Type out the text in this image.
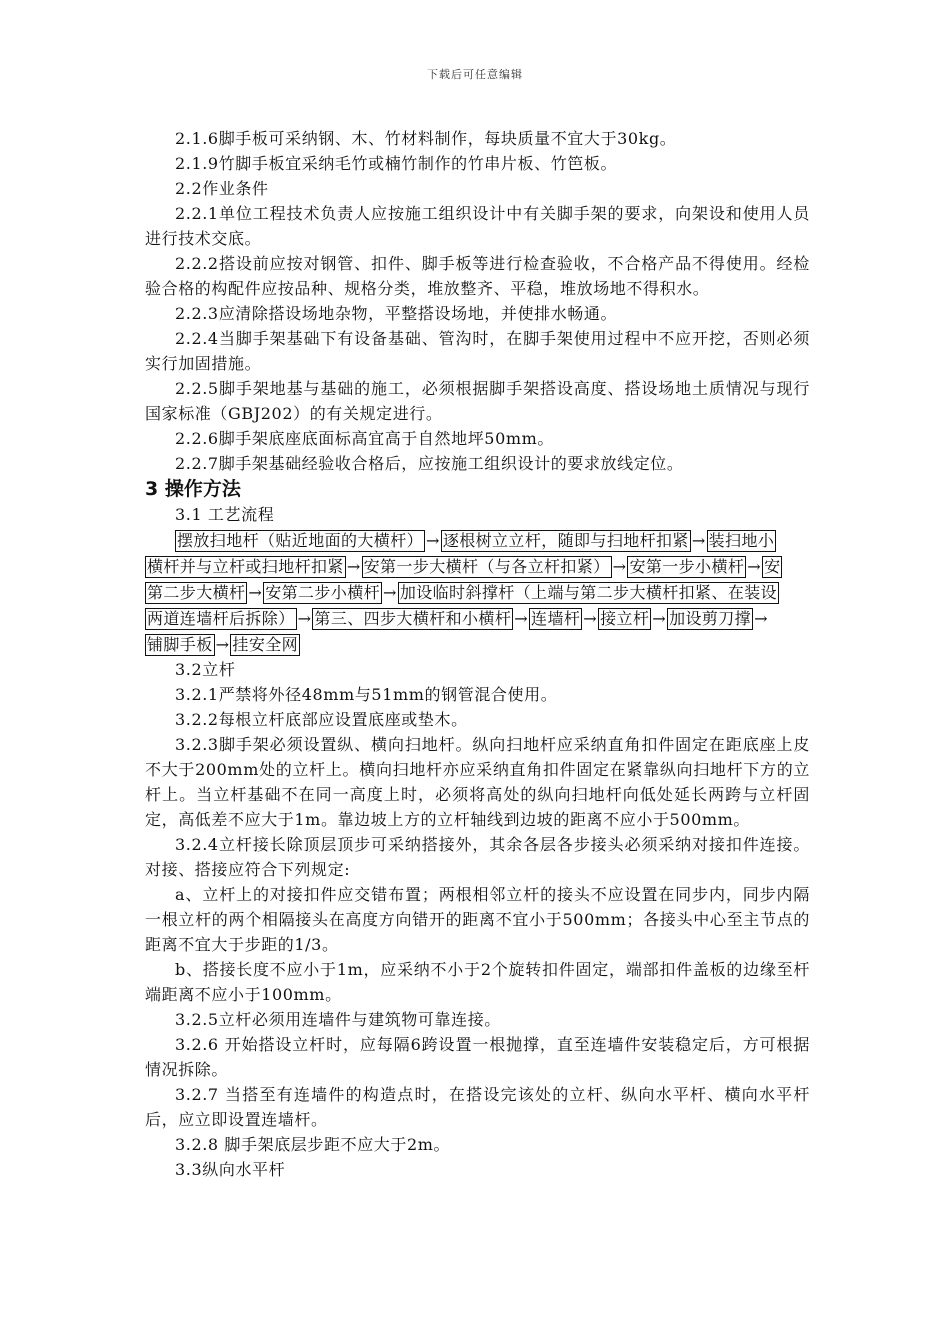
下载后可任意编辑

2.1.6脚手板可采纳钢、木、竹材料制作，每块质量不宜大于30kg。

2.1.9竹脚手板宜采纳毛竹或楠竹制作的竹串片板、竹笆板。

2.2作业条件

2.2.1单位工程技术负责人应按施工组织设计中有关脚手架的要求，向架设和使用人员进行技术交底。

2.2.2搭设前应按对钢管、扣件、脚手板等进行检查验收，不合格产品不得使用。经检验合格的构配件应按品种、规格分类，堆放整齐、平稳，堆放场地不得积水。

2.2.3应清除搭设场地杂物，平整搭设场地，并使排水畅通。

2.2.4当脚手架基础下有设备基础、管沟时，在脚手架使用过程中不应开挖，否则必须实行加固措施。

2.2.5脚手架地基与基础的施工，必须根据脚手架搭设高度、搭设场地土质情况与现行国家标准（GBJ202）的有关规定进行。

2.2.6脚手架底座底面标高宜高于自然地坪50mm。

2.2.7脚手架基础经验收合格后，应按施工组织设计的要求放线定位。

3 操作方法

3.1 工艺流程

摆放扫地杆（贴近地面的大横杆） → 逐根树立立杆，随即与扫地杆扣紧 → 装扫地小
横杆并与立杆或扫地杆扣紧 → 安第一步大横杆（与各立杆扣紧） → 安第一步小横杆 → 安
第二步大横杆 → 安第二步小横杆 → 加设临时斜撑杆（上端与第二步大横杆扣紧、在装设
两道连墙杆后拆除） → 第三、四步大横杆和小横杆 → 连墙杆 → 接立杆 → 加设剪刀撑 →
铺脚手板 → 挂安全网

3.2立杆

3.2.1严禁将外径48mm与51mm的钢管混合使用。

3.2.2每根立杆底部应设置底座或垫木。

3.2.3脚手架必须设置纵、横向扫地杆。纵向扫地杆应采纳直角扣件固定在距底座上皮不大于200mm处的立杆上。横向扫地杆亦应采纳直角扣件固定在紧靠纵向扫地杆下方的立杆上。当立杆基础不在同一高度上时，必须将高处的纵向扫地杆向低处延长两跨与立杆固定，高低差不应大于1m。靠边坡上方的立杆轴线到边坡的距离不应小于500mm。

3.2.4立杆接长除顶层顶步可采纳搭接外，其余各层各步接头必须采纳对接扣件连接。对接、搭接应符合下列规定:

a、立杆上的对接扣件应交错布置；两根相邻立杆的接头不应设置在同步内，同步内隔一根立杆的两个相隔接头在高度方向错开的距离不宜小于500mm；各接头中心至主节点的距离不宜大于步距的1/3。

b、搭接长度不应小于1m，应采纳不小于2个旋转扣件固定，端部扣件盖板的边缘至杆端距离不应小于100mm。

3.2.5立杆必须用连墙件与建筑物可靠连接。

3.2.6 开始搭设立杆时，应每隔6跨设置一根抛撑，直至连墙件安装稳定后，方可根据情况拆除。

3.2.7 当搭至有连墙件的构造点时，在搭设完该处的立杆、纵向水平杆、横向水平杆后，应立即设置连墙杆。

3.2.8 脚手架底层步距不应大于2m。

3.3纵向水平杆
